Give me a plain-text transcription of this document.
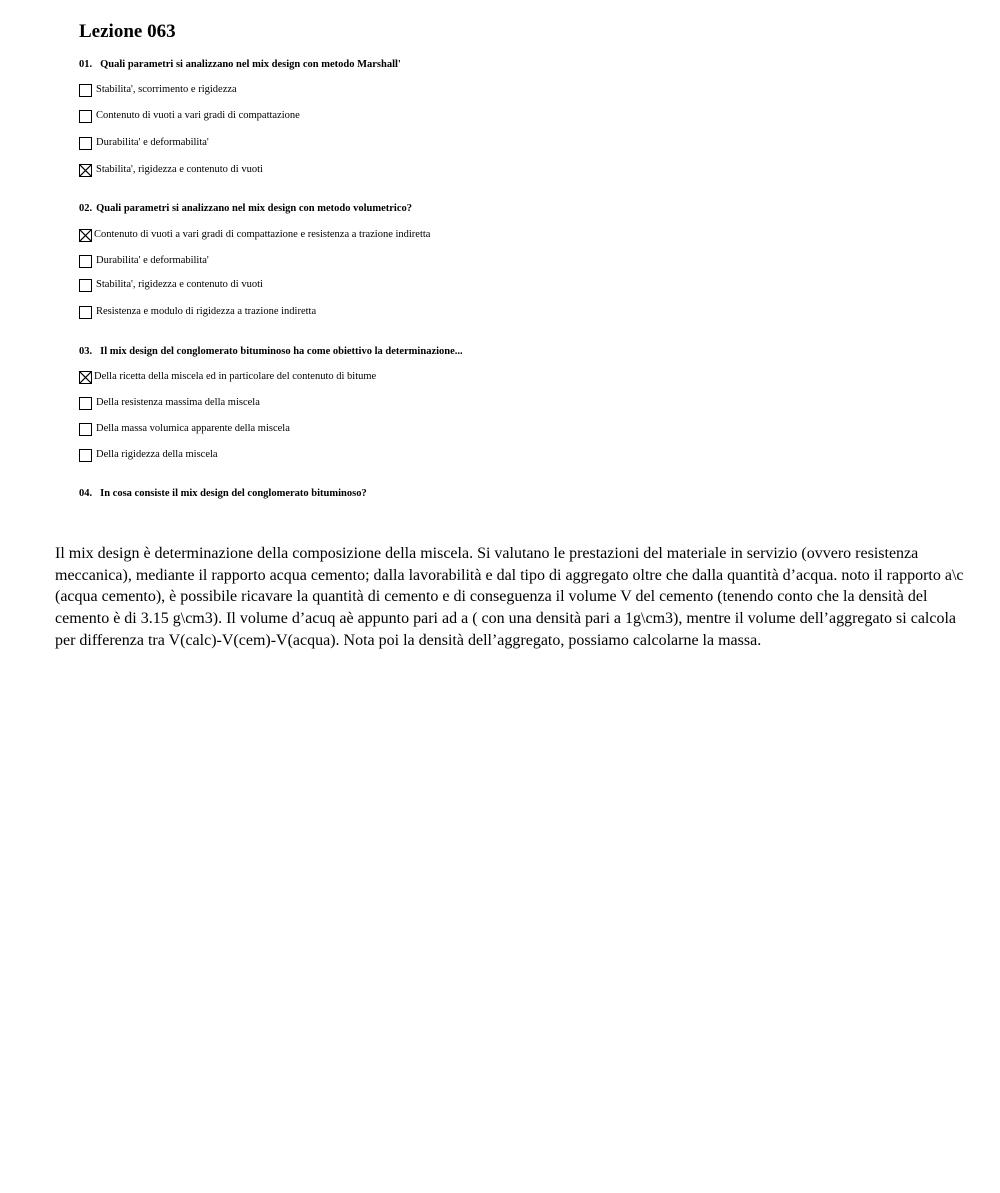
Lezione 063
01. Quali parametri si analizzano nel mix design con metodo Marshall'
Stabilita', scorrimento e rigidezza
Contenuto di vuoti a vari gradi di compattazione
Durabilita' e deformabilita'
Stabilita', rigidezza e contenuto di vuoti
02. Quali parametri si analizzano nel mix design con metodo volumetrico?
Contenuto di vuoti a vari gradi di compattazione e resistenza a trazione indiretta
Durabilita' e deformabilita'
Stabilita', rigidezza e contenuto di vuoti
Resistenza e modulo di rigidezza a trazione indiretta
03. Il mix design del conglomerato bituminoso ha come obiettivo la determinazione...
Della ricetta della miscela ed in particolare del contenuto di bitume
Della resistenza massima della miscela
Della massa volumica apparente della miscela
Della rigidezza della miscela
04. In cosa consiste il mix design del conglomerato bituminoso?

Il mix design è determinazione della composizione della miscela. Si valutano le prestazioni del materiale in servizio (ovvero resistenza meccanica), mediante il rapporto acqua cemento; dalla lavorabilità e dal tipo di aggregato oltre che dalla quantità d’acqua. noto il rapporto a\c (acqua cemento), è possibile ricavare la quantità di cemento e di conseguenza il volume V del cemento (tenendo conto che la densità del cemento è di 3.15 g\cm3). Il volume d’acuq aè appunto pari ad a ( con una densità pari a 1g\cm3), mentre il volume dell’aggregato si calcola per differenza tra V(calc)-V(cem)-V(acqua). Nota poi la densità dell’aggregato, possiamo calcolarne la massa.
